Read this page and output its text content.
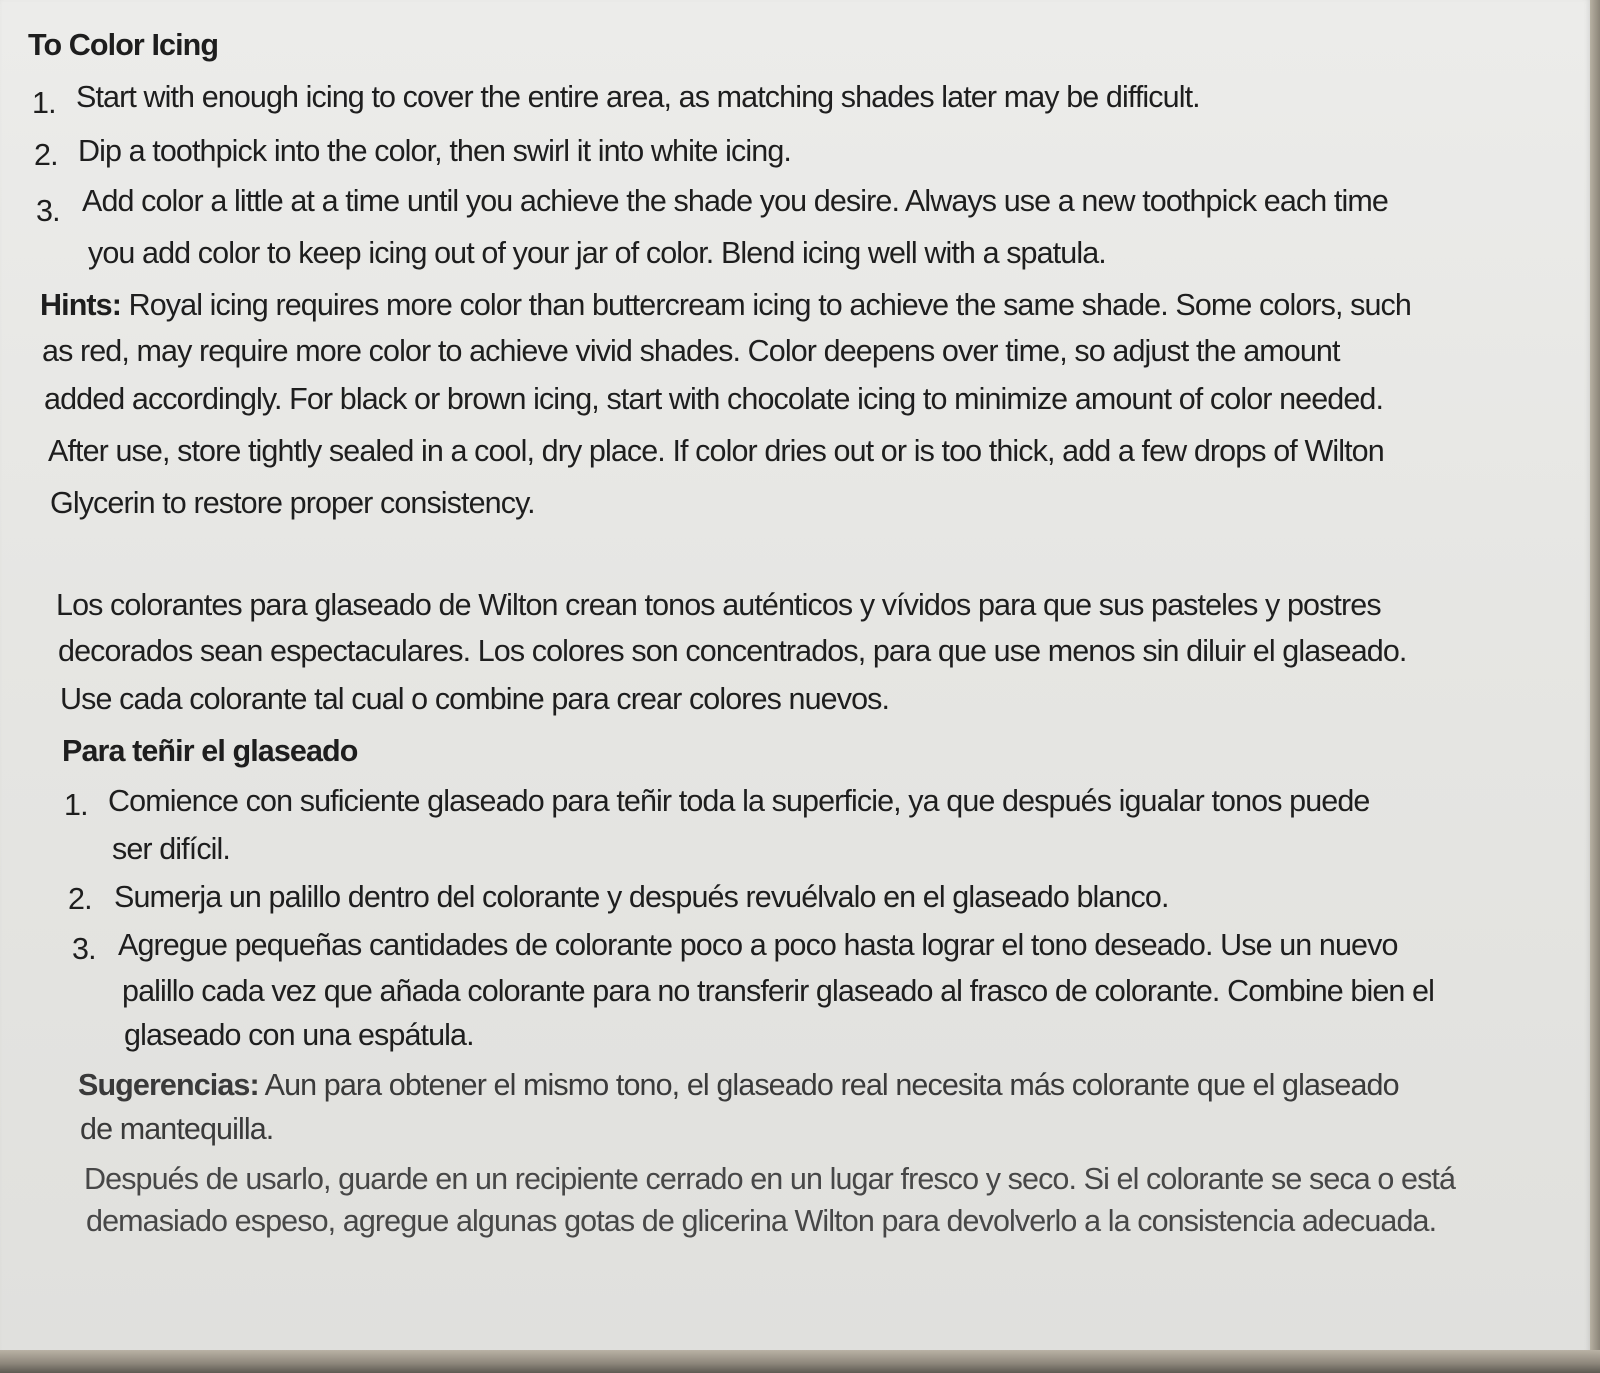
To Color Icing
1. Start with enough icing to cover the entire area, as matching shades later may be difficult.
2. Dip a toothpick into the color, then swirl it into white icing.
3. Add color a little at a time until you achieve the shade you desire. Always use a new toothpick each time
you add color to keep icing out of your jar of color. Blend icing well with a spatula.
Hints: Royal icing requires more color than buttercream icing to achieve the same shade. Some colors, such
as red, may require more color to achieve vivid shades. Color deepens over time, so adjust the amount
added accordingly. For black or brown icing, start with chocolate icing to minimize amount of color needed.
After use, store tightly sealed in a cool, dry place. If color dries out or is too thick, add a few drops of Wilton
Glycerin to restore proper consistency.
Los colorantes para glaseado de Wilton crean tonos auténticos y vívidos para que sus pasteles y postres
decorados sean espectaculares. Los colores son concentrados, para que use menos sin diluir el glaseado.
Use cada colorante tal cual o combine para crear colores nuevos.
Para teñir el glaseado
1. Comience con suficiente glaseado para teñir toda la superficie, ya que después igualar tonos puede
ser difícil.
2. Sumerja un palillo dentro del colorante y después revuélvalo en el glaseado blanco.
3. Agregue pequeñas cantidades de colorante poco a poco hasta lograr el tono deseado. Use un nuevo
palillo cada vez que añada colorante para no transferir glaseado al frasco de colorante. Combine bien el
glaseado con una espátula.
Sugerencias: Aun para obtener el mismo tono, el glaseado real necesita más colorante que el glaseado
de mantequilla.
Después de usarlo, guarde en un recipiente cerrado en un lugar fresco y seco. Si el colorante se seca o está
demasiado espeso, agregue algunas gotas de glicerina Wilton para devolverlo a la consistencia adecuada.
